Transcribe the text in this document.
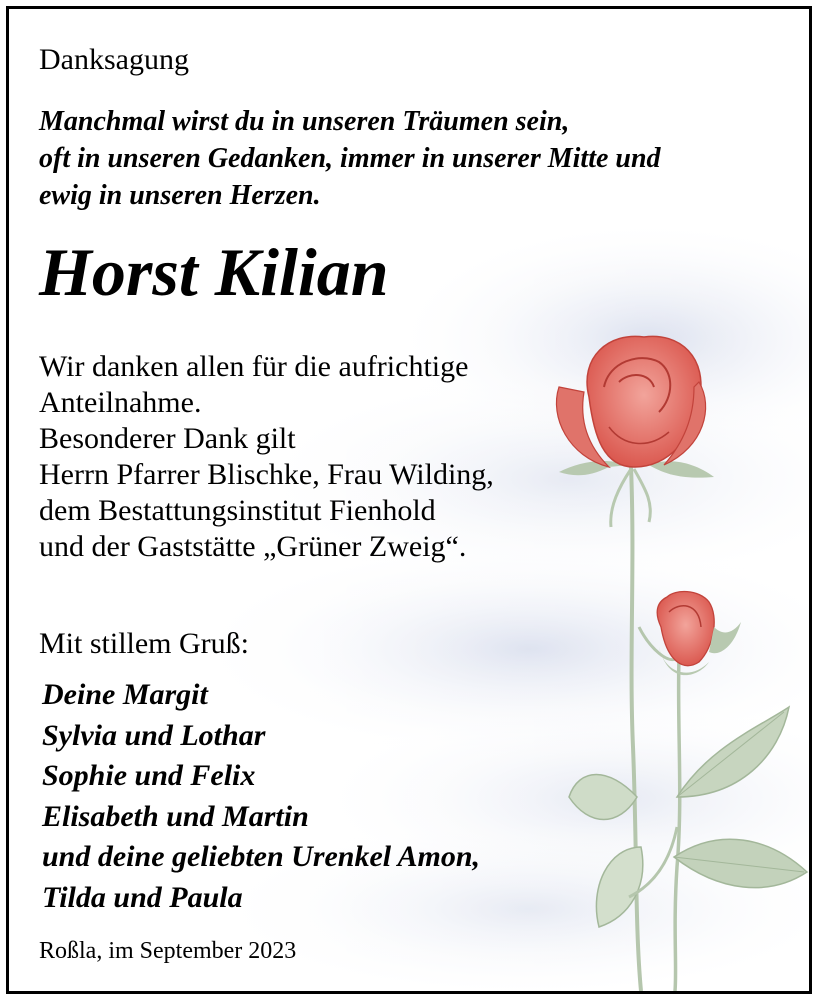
Danksagung
Manchmal wirst du in unseren Träumen sein,
oft in unseren Gedanken, immer in unserer Mitte und
ewig in unseren Herzen.
Horst Kilian
Wir danken allen für die aufrichtige
Anteilnahme.
Besonderer Dank gilt
Herrn Pfarrer Blischke, Frau Wilding,
dem Bestattungsinstitut Fienhold
und der Gaststätte „Grüner Zweig“.
Mit stillem Gruß:
Deine Margit
Sylvia und Lothar
Sophie und Felix
Elisabeth und Martin
und deine geliebten Urenkel Amon,
Tilda und Paula
Roßla, im September 2023
